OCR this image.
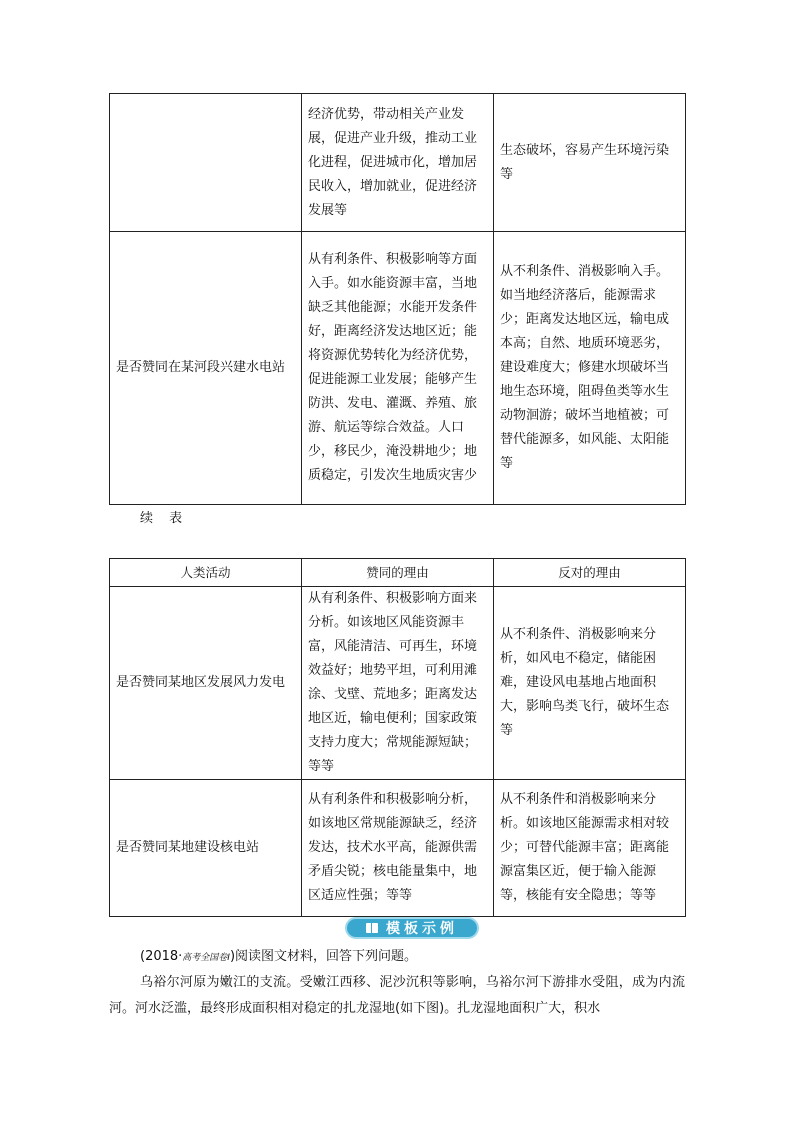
	经济优势，带动相关产业发展，促进产业升级，推动工业化进程，促进城市化，增加居民收入，增加就业，促进经济发展等	生态破坏，容易产生环境污染等
是否赞同在某河段兴建水电站	从有利条件、积极影响等方面入手。如水能资源丰富，当地缺乏其他能源；水能开发条件好，距离经济发达地区近；能将资源优势转化为经济优势，促进能源工业发展；能够产生防洪、发电、灌溉、养殖、旅游、航运等综合效益。人口少，移民少，淹没耕地少；地质稳定，引发次生地质灾害少	从不利条件、消极影响入手。如当地经济落后，能源需求少；距离发达地区远，输电成本高；自然、地质环境恶劣，建设难度大；修建水坝破坏当地生态环境，阻碍鱼类等水生动物洄游；破坏当地植被；可替代能源多，如风能、太阳能等
续 表
人类活动	赞同的理由	反对的理由
是否赞同某地区发展风力发电	从有利条件、积极影响方面来分析。如该地区风能资源丰富，风能清洁、可再生，环境效益好；地势平坦，可利用滩涂、戈壁、荒地多；距离发达地区近，输电便利；国家政策支持力度大；常规能源短缺；等等	从不利条件、消极影响来分析，如风电不稳定，储能困难，建设风电基地占地面积大，影响鸟类飞行，破坏生态等
是否赞同某地建设核电站	从有利条件和积极影响分析，如该地区常规能源缺乏，经济发达，技术水平高，能源供需矛盾尖锐；核电能量集中，地区适应性强；等等	从不利条件和消极影响来分析。如该地区能源需求相对较少；可替代能源丰富；距离能源富集区近，便于输入能源等，核能有安全隐患；等等
模板示例

(2018·高考全国卷Ⅰ)阅读图文材料，回答下列问题。

乌裕尔河原为嫩江的支流。受嫩江西移、泥沙沉积等影响，乌裕尔河下游排水受阻，成为内流河。河水泛滥，最终形成面积相对稳定的扎龙湿地(如下图)。扎龙湿地面积广大，积水
